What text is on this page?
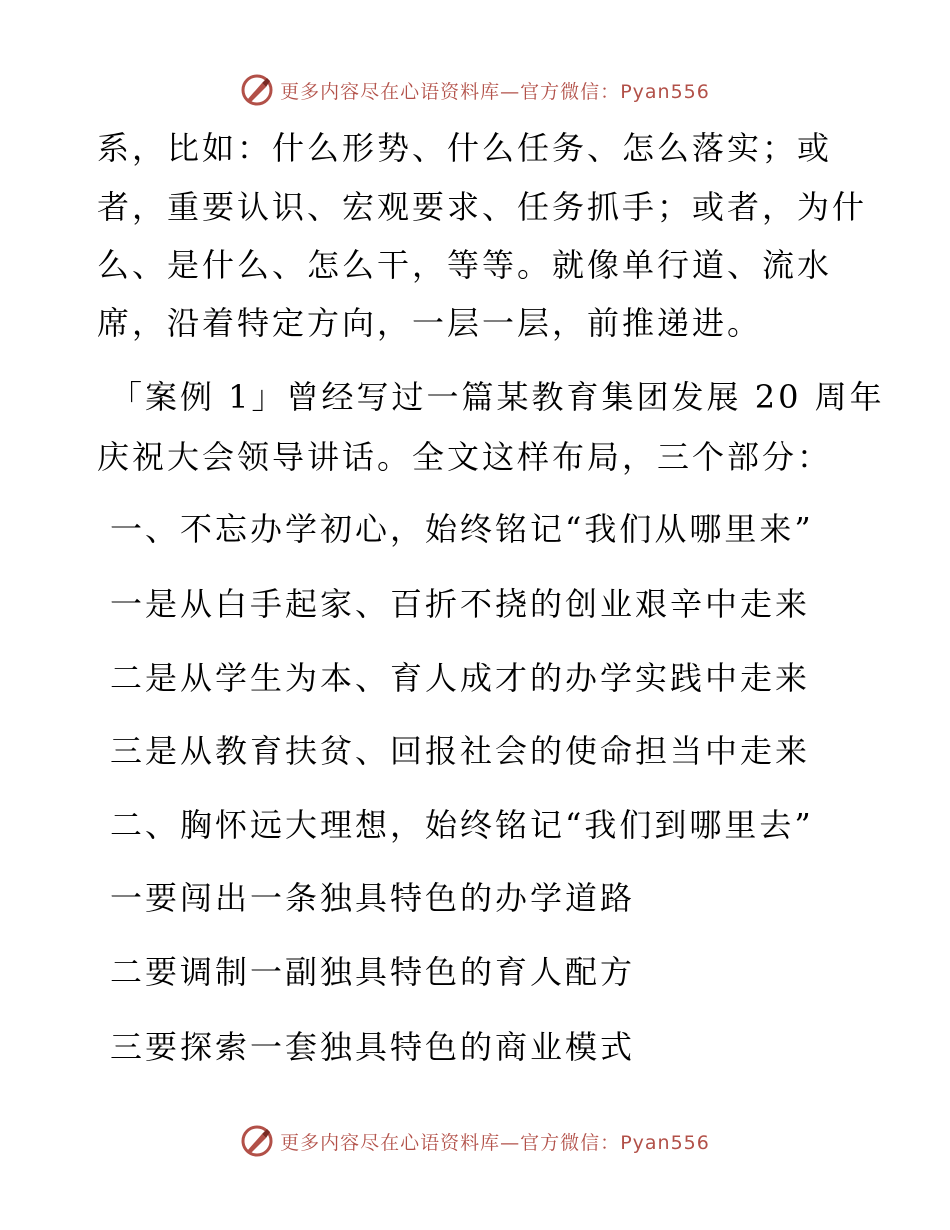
更多内容尽在心语资料库—官方微信：Pyan556
系，比如：什么形势、什么任务、怎么落实；或
者，重要认识、宏观要求、任务抓手；或者，为什
么、是什么、怎么干，等等。就像单行道、流水
席，沿着特定方向，一层一层，前推递进。
「案例 1」曾经写过一篇某教育集团发展 20 周年
庆祝大会领导讲话。全文这样布局，三个部分：
一、不忘办学初心，始终铭记“我们从哪里来”
一是从白手起家、百折不挠的创业艰辛中走来
二是从学生为本、育人成才的办学实践中走来
三是从教育扶贫、回报社会的使命担当中走来
二、胸怀远大理想，始终铭记“我们到哪里去”
一要闯出一条独具特色的办学道路
二要调制一副独具特色的育人配方
三要探索一套独具特色的商业模式
更多内容尽在心语资料库—官方微信：Pyan556
